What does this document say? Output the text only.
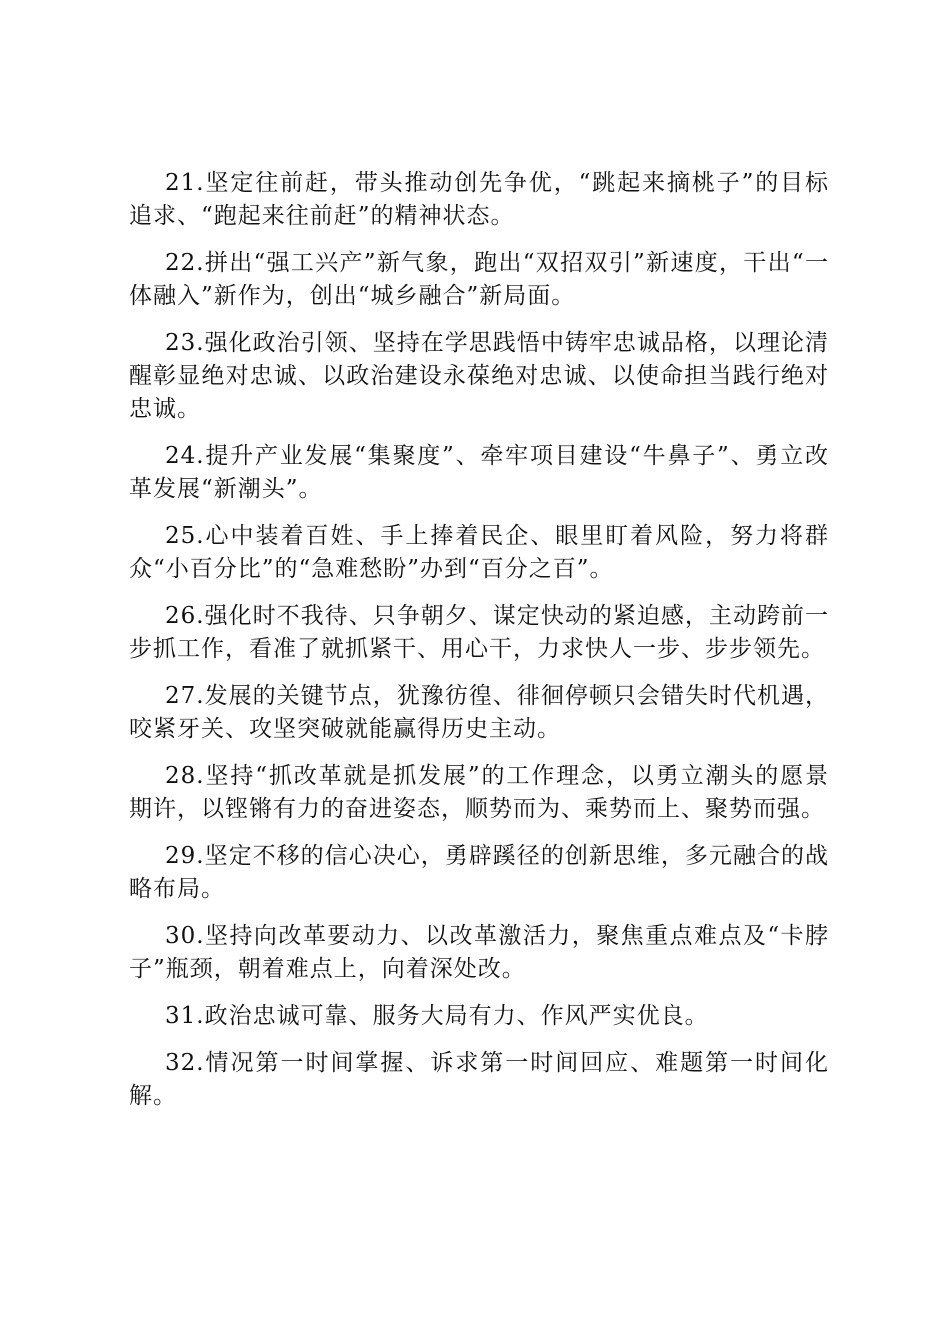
21.坚定往前赶，带头推动创先争优，“跳起来摘桃子”的目标追求、“跑起来往前赶”的精神状态。

22.拼出“强工兴产”新气象，跑出“双招双引”新速度，干出“一体融入”新作为，创出“城乡融合”新局面。

23.强化政治引领、坚持在学思践悟中铸牢忠诚品格，以理论清醒彰显绝对忠诚、以政治建设永葆绝对忠诚、以使命担当践行绝对忠诚。

24.提升产业发展“集聚度”、牵牢项目建设“牛鼻子”、勇立改革发展“新潮头”。

25.心中装着百姓、手上捧着民企、眼里盯着风险，努力将群众“小百分比”的“急难愁盼”办到“百分之百”。

26.强化时不我待、只争朝夕、谋定快动的紧迫感，主动跨前一步抓工作，看准了就抓紧干、用心干，力求快人一步、步步领先。

27.发展的关键节点，犹豫彷徨、徘徊停顿只会错失时代机遇，咬紧牙关、攻坚突破就能赢得历史主动。

28.坚持“抓改革就是抓发展”的工作理念，以勇立潮头的愿景期许，以铿锵有力的奋进姿态，顺势而为、乘势而上、聚势而强。

29.坚定不移的信心决心，勇辟蹊径的创新思维，多元融合的战略布局。

30.坚持向改革要动力、以改革激活力，聚焦重点难点及“卡脖子”瓶颈，朝着难点上，向着深处改。

31.政治忠诚可靠、服务大局有力、作风严实优良。

32.情况第一时间掌握、诉求第一时间回应、难题第一时间化解。
